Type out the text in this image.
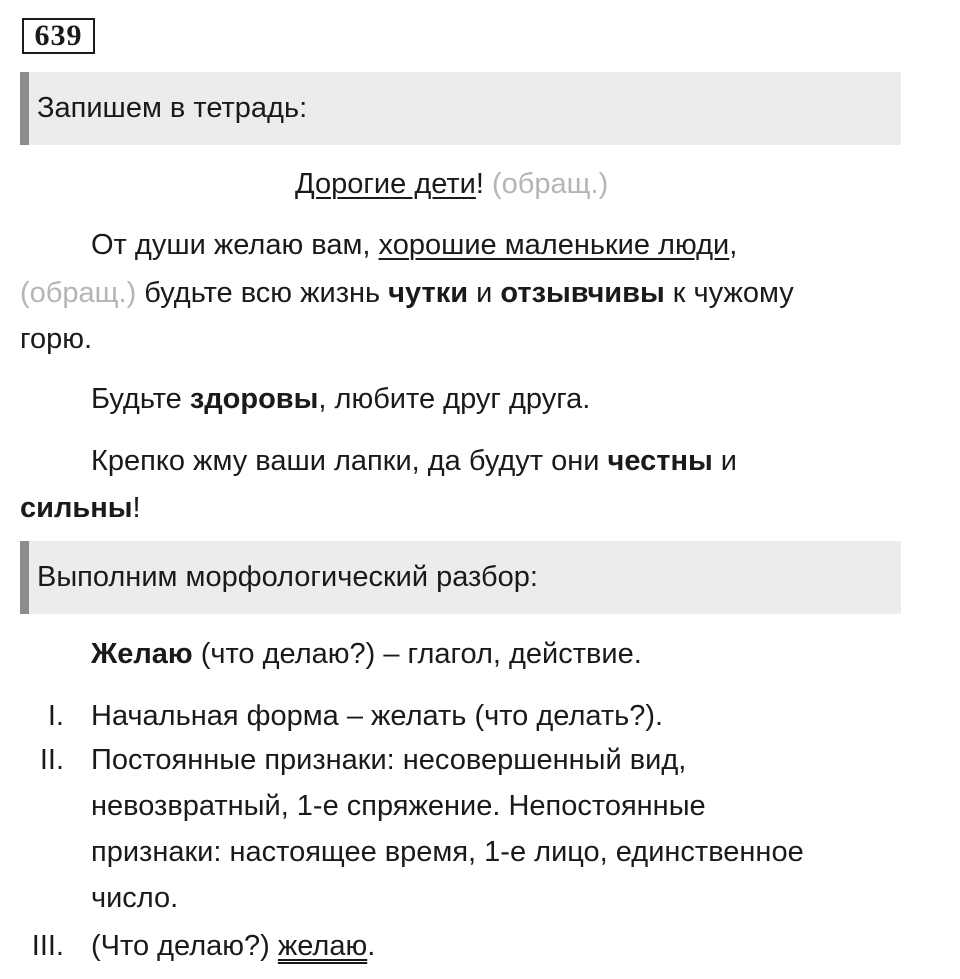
639
Запишем в тетрадь:
Дорогие дети! (обращ.)
От души желаю вам, хорошие маленькие люди,
(обращ.) будьте всю жизнь чутки и отзывчивы к чужому
горю.
Будьте здоровы, любите друг друга.
Крепко жму ваши лапки, да будут они честны и
сильны!
Выполним морфологический разбор:
Желаю (что делаю?) – глагол, действие.
I. Начальная форма – желать (что делать?).
II. Постоянные признаки: несовершенный вид,
невозвратный, 1-е спряжение. Непостоянные
признаки: настоящее время, 1-е лицо, единственное
число.
III. (Что делаю?) желаю.
